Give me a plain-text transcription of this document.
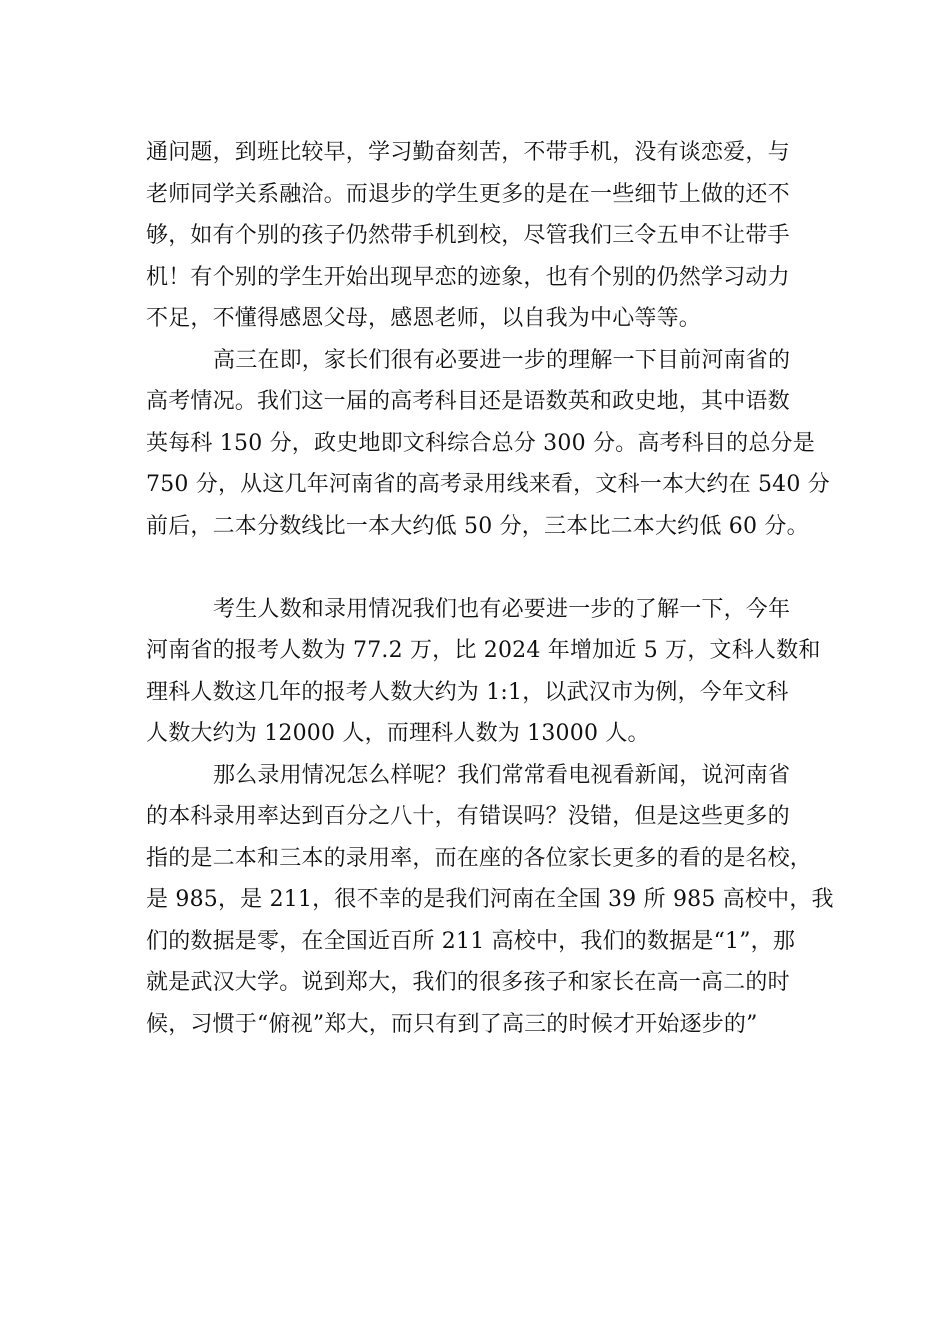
通问题，到班比较早，学习勤奋刻苦，不带手机，没有谈恋爱，与
老师同学关系融洽。而退步的学生更多的是在一些细节上做的还不
够，如有个别的孩子仍然带手机到校，尽管我们三令五申不让带手
机！有个别的学生开始出现早恋的迹象，也有个别的仍然学习动力
不足，不懂得感恩父母，感恩老师，以自我为中心等等。
高三在即，家长们很有必要进一步的理解一下目前河南省的
高考情况。我们这一届的高考科目还是语数英和政史地，其中语数
英每科 150 分，政史地即文科综合总分 300 分。高考科目的总分是
750 分，从这几年河南省的高考录用线来看，文科一本大约在 540 分
前后，二本分数线比一本大约低 50 分，三本比二本大约低 60 分。
考生人数和录用情况我们也有必要进一步的了解一下，今年
河南省的报考人数为 77.2 万，比 2024 年增加近 5 万，文科人数和
理科人数这几年的报考人数大约为 1:1，以武汉市为例，今年文科
人数大约为 12000 人，而理科人数为 13000 人。
那么录用情况怎么样呢？我们常常看电视看新闻，说河南省
的本科录用率达到百分之八十，有错误吗？没错，但是这些更多的
指的是二本和三本的录用率，而在座的各位家长更多的看的是名校，
是 985，是 211，很不幸的是我们河南在全国 39 所 985 高校中，我
们的数据是零，在全国近百所 211 高校中，我们的数据是“1”，那
就是武汉大学。说到郑大，我们的很多孩子和家长在高一高二的时
候，习惯于“俯视”郑大，而只有到了高三的时候才开始逐步的”
